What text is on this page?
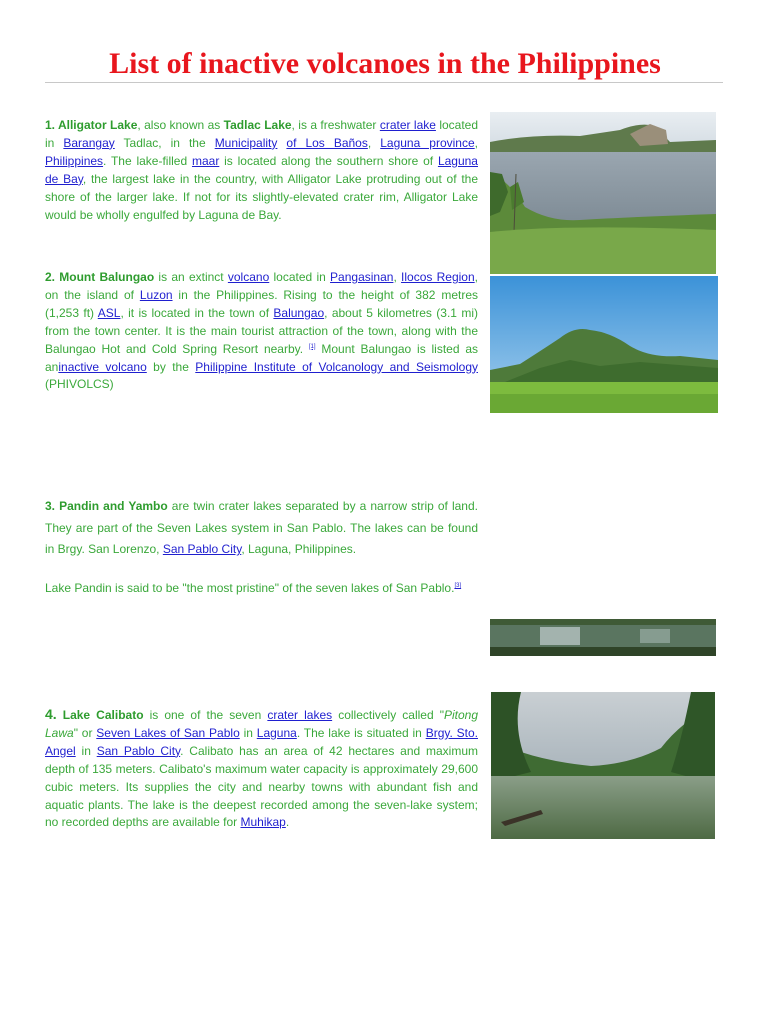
List of inactive volcanoes in the Philippines

1. Alligator Lake, also known as Tadlac Lake, is a freshwater crater lake located in Barangay Tadlac, in the Municipality of Los Baños, Laguna province, Philippines. The lake-filled maar is located along the southern shore of Laguna de Bay, the largest lake in the country, with Alligator Lake protruding out of the shore of the larger lake. If not for its slightly-elevated crater rim, Alligator Lake would be wholly engulfed by Laguna de Bay.

2. Mount Balungao is an extinct volcano located in Pangasinan, Ilocos Region, on the island of Luzon in the Philippines. Rising to the height of 382 metres (1,253 ft) ASL, it is located in the town of Balungao, about 5 kilometres (3.1 mi) from the town center. It is the main tourist attraction of the town, along with the Balungao Hot and Cold Spring Resort nearby. [1] Mount Balungao is listed as aninactive volcano by the Philippine Institute of Volcanology and Seismology (PHIVOLCS)

3. Pandin and Yambo are twin crater lakes separated by a narrow strip of land. They are part of the Seven Lakes system in San Pablo. The lakes can be found in Brgy. San Lorenzo, San Pablo City, Laguna, Philippines.

Lake Pandin is said to be "the most pristine" of the seven lakes of San Pablo.[3]

4. Lake Calibato is one of the seven crater lakes collectively called "Pitong Lawa" or Seven Lakes of San Pablo in Laguna. The lake is situated in Brgy. Sto. Angel in San Pablo City. Calibato has an area of 42 hectares and maximum depth of 135 meters. Calibato's maximum water capacity is approximately 29,600 cubic meters. Its supplies the city and nearby towns with abundant fish and aquatic plants. The lake is the deepest recorded among the seven-lake system; no recorded depths are available for Muhikap.
